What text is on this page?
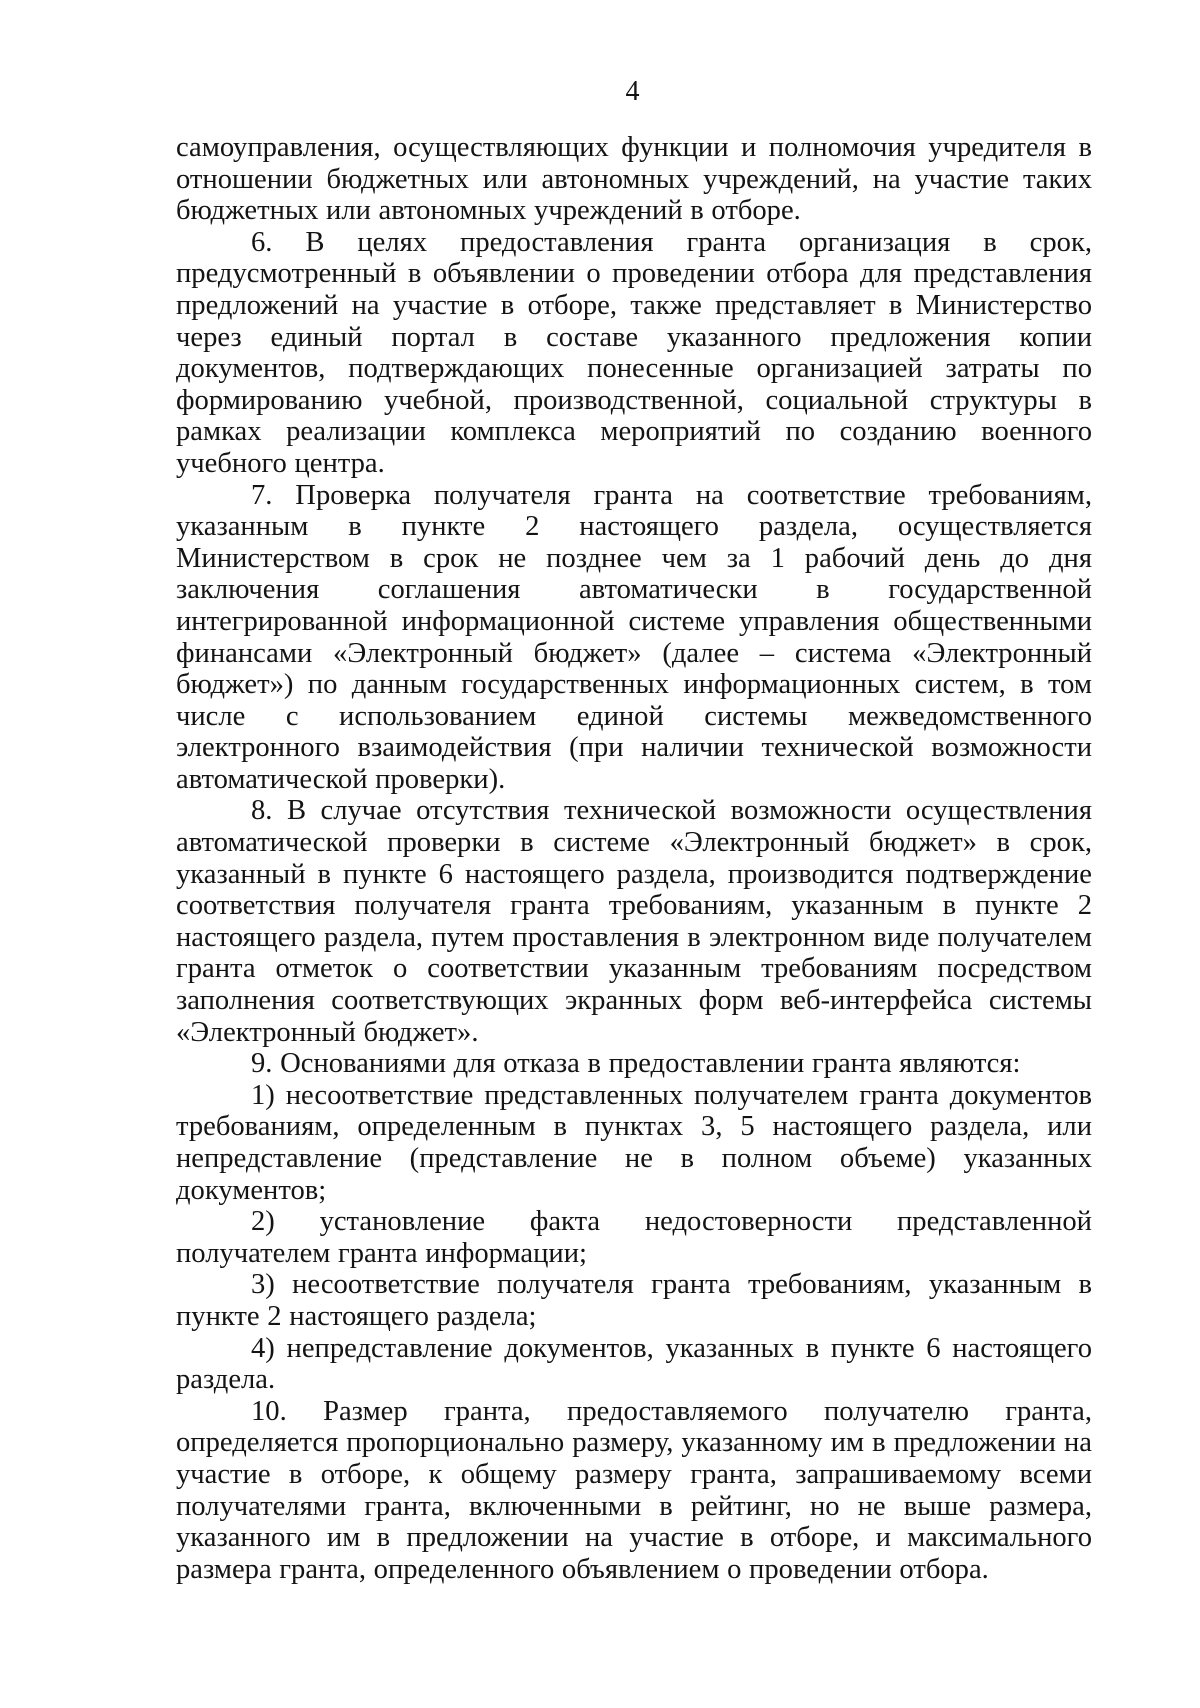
4

самоуправления, осуществляющих функции и полномочия учредителя в отношении бюджетных или автономных учреждений, на участие таких бюджетных или автономных учреждений в отборе.

6. В целях предоставления гранта организация в срок, предусмотренный в объявлении о проведении отбора для представления предложений на участие в отборе, также представляет в Министерство через единый портал в составе указанного предложения копии документов, подтверждающих понесенные организацией затраты по формированию учебной, производственной, социальной структуры в рамках реализации комплекса мероприятий по созданию военного учебного центра.

7. Проверка получателя гранта на соответствие требованиям, указанным в пункте 2 настоящего раздела, осуществляется Министерством в срок не позднее чем за 1 рабочий день до дня заключения соглашения автоматически в государственной интегрированной информационной системе управления общественными финансами «Электронный бюджет» (далее – система «Электронный бюджет») по данным государственных информационных систем, в том числе с использованием единой системы межведомственного электронного взаимодействия (при наличии технической возможности автоматической проверки).

8. В случае отсутствия технической возможности осуществления автоматической проверки в системе «Электронный бюджет» в срок, указанный в пункте 6 настоящего раздела, производится подтверждение соответствия получателя гранта требованиям, указанным в пункте 2 настоящего раздела, путем проставления в электронном виде получателем гранта отметок о соответствии указанным требованиям посредством заполнения соответствующих экранных форм веб-интерфейса системы «Электронный бюджет».

9. Основаниями для отказа в предоставлении гранта являются:

1) несоответствие представленных получателем гранта документов требованиям, определенным в пунктах 3, 5 настоящего раздела, или непредставление (представление не в полном объеме) указанных документов;

2) установление факта недостоверности представленной получателем гранта информации;

3) несоответствие получателя гранта требованиям, указанным в пункте 2 настоящего раздела;

4) непредставление документов, указанных в пункте 6 настоящего раздела.

10. Размер гранта, предоставляемого получателю гранта, определяется пропорционально размеру, указанному им в предложении на участие в отборе, к общему размеру гранта, запрашиваемому всеми получателями гранта, включенными в рейтинг, но не выше размера, указанного им в предложении на участие в отборе, и максимального размера гранта, определенного объявлением о проведении отбора.
